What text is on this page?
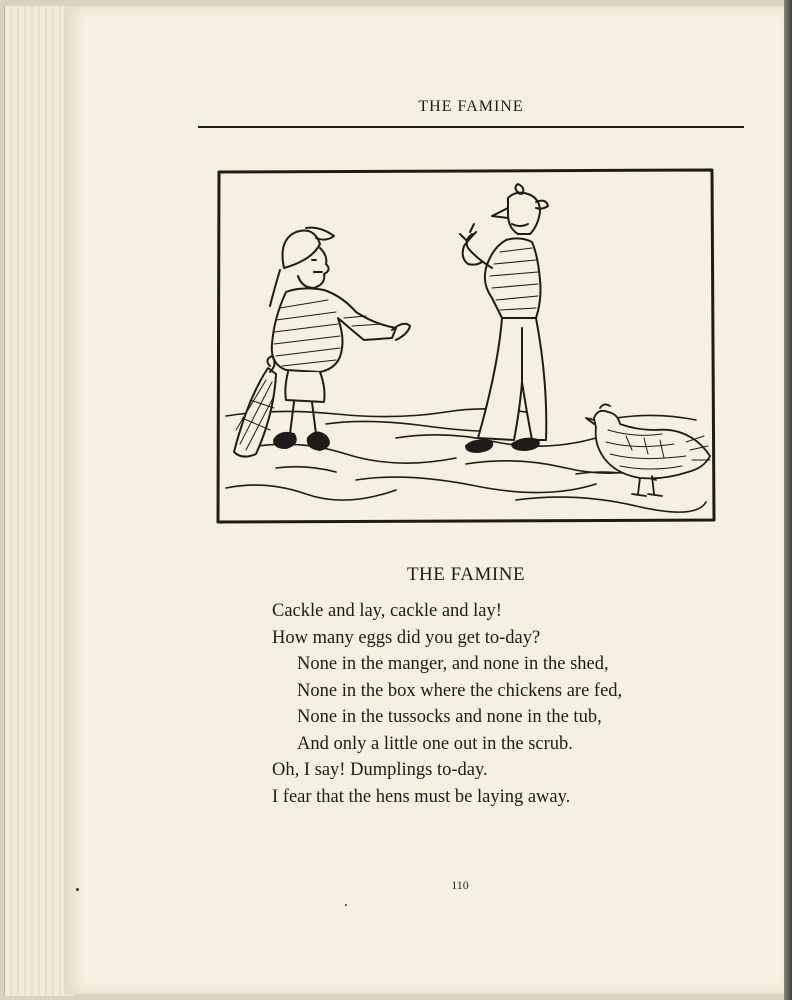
THE FAMINE
THE FAMINE
Cackle and lay, cackle and lay!
How many eggs did you get to-day?
None in the manger, and none in the shed,
None in the box where the chickens are fed,
None in the tussocks and none in the tub,
And only a little one out in the scrub.
Oh, I say! Dumplings to-day.
I fear that the hens must be laying away.
110
